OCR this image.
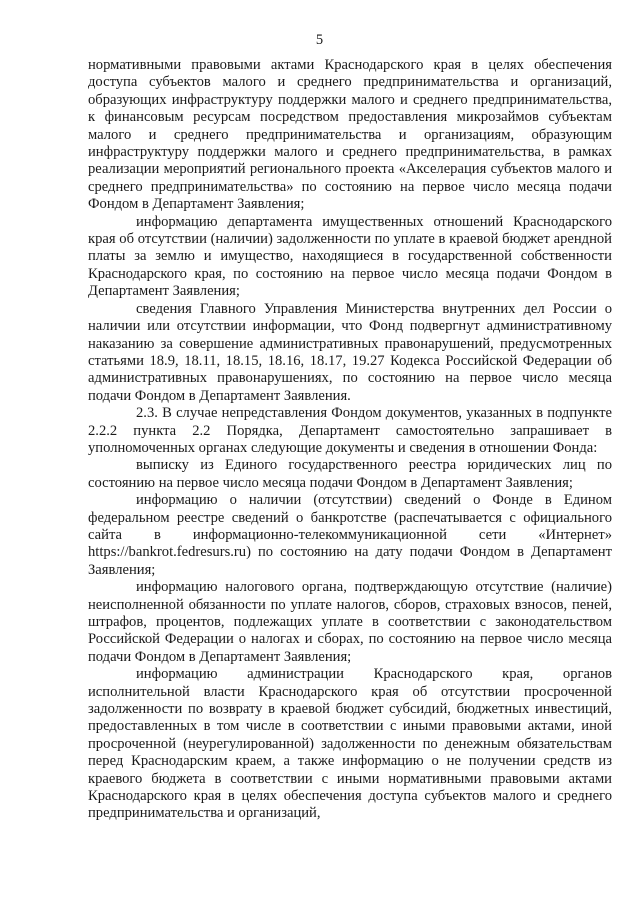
5

нормативными правовыми актами Краснодарского края в целях обеспечения доступа субъектов малого и среднего предпринимательства и организаций, образующих инфраструктуру поддержки малого и среднего предпринимательства, к финансовым ресурсам посредством предоставления микрозаймов субъектам малого и среднего предпринимательства и организациям, образующим инфраструктуру поддержки малого и среднего предпринимательства, в рамках реализации мероприятий регионального проекта «Акселерация субъектов малого и среднего предпринимательства» по состоянию на первое число месяца подачи Фондом в Департамент Заявления;

информацию департамента имущественных отношений Краснодарского края об отсутствии (наличии) задолженности по уплате в краевой бюджет арендной платы за землю и имущество, находящиеся в государственной собственности Краснодарского края, по состоянию на первое число месяца подачи Фондом в Департамент Заявления;

сведения Главного Управления Министерства внутренних дел России о наличии или отсутствии информации, что Фонд подвергнут административному наказанию за совершение административных правонарушений, предусмотренных статьями 18.9, 18.11, 18.15, 18.16, 18.17, 19.27 Кодекса Российской Федерации об административных правонарушениях, по состоянию на первое число месяца подачи Фондом в Департамент Заявления.

2.3. В случае непредставления Фондом документов, указанных в подпункте 2.2.2 пункта 2.2 Порядка, Департамент самостоятельно запрашивает в уполномоченных органах следующие документы и сведения в отношении Фонда:

выписку из Единого государственного реестра юридических лиц по состоянию на первое число месяца подачи Фондом в Департамент Заявления;

информацию о наличии (отсутствии) сведений о Фонде в Едином федеральном реестре сведений о банкротстве (распечатывается с официального сайта в информационно-телекоммуникационной сети «Интернет» https://bankrot.fedresurs.ru) по состоянию на дату подачи Фондом в Департамент Заявления;

информацию налогового органа, подтверждающую отсутствие (наличие) неисполненной обязанности по уплате налогов, сборов, страховых взносов, пеней, штрафов, процентов, подлежащих уплате в соответствии с законодательством Российской Федерации о налогах и сборах, по состоянию на первое число месяца подачи Фондом в Департамент Заявления;

информацию администрации Краснодарского края, органов исполнительной власти Краснодарского края об отсутствии просроченной задолженности по возврату в краевой бюджет субсидий, бюджетных инвестиций, предоставленных в том числе в соответствии с иными правовыми актами, иной просроченной (неурегулированной) задолженности по денежным обязательствам перед Краснодарским краем, а также информацию о не получении средств из краевого бюджета в соответствии с иными нормативными правовыми актами Краснодарского края в целях обеспечения доступа субъектов малого и среднего предпринимательства и организаций,
